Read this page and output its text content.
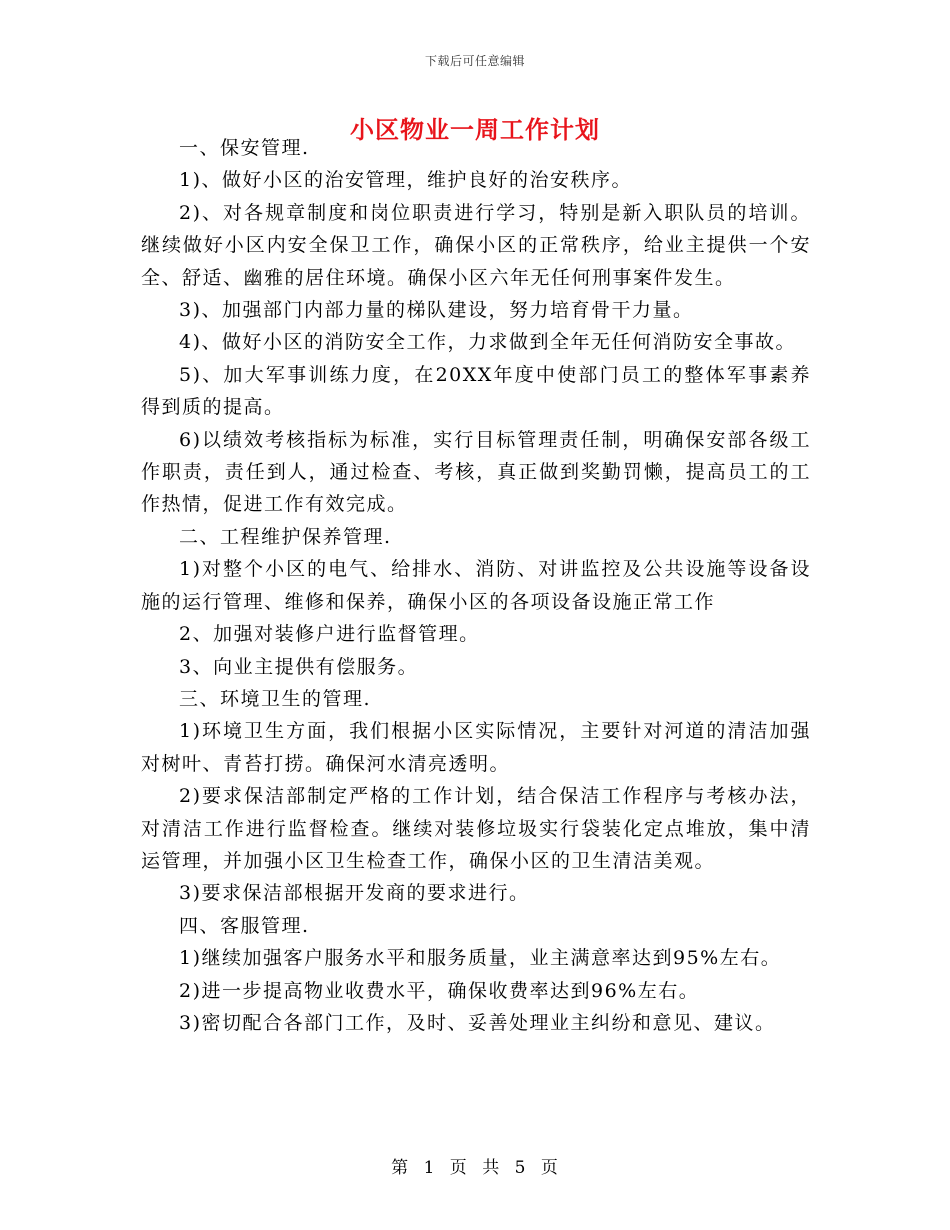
下载后可任意编辑
小区物业一周工作计划

一、保安管理.

1)、做好小区的治安管理，维护良好的治安秩序。

2)、对各规章制度和岗位职责进行学习，特别是新入职队员的培训。继续做好小区内安全保卫工作，确保小区的正常秩序，给业主提供一个安全、舒适、幽雅的居住环境。确保小区六年无任何刑事案件发生。

3)、加强部门内部力量的梯队建设，努力培育骨干力量。

4)、做好小区的消防安全工作，力求做到全年无任何消防安全事故。

5)、加大军事训练力度，在20XX年度中使部门员工的整体军事素养得到质的提高。

6)以绩效考核指标为标准，实行目标管理责任制，明确保安部各级工作职责，责任到人，通过检查、考核，真正做到奖勤罚懒，提高员工的工作热情，促进工作有效完成。

二、工程维护保养管理.

1)对整个小区的电气、给排水、消防、对讲监控及公共设施等设备设施的运行管理、维修和保养，确保小区的各项设备设施正常工作

2、加强对装修户进行监督管理。

3、向业主提供有偿服务。

三、环境卫生的管理.

1)环境卫生方面，我们根据小区实际情况，主要针对河道的清洁加强对树叶、青苔打捞。确保河水清亮透明。

2)要求保洁部制定严格的工作计划，结合保洁工作程序与考核办法，对清洁工作进行监督检查。继续对装修垃圾实行袋装化定点堆放，集中清运管理，并加强小区卫生检查工作，确保小区的卫生清洁美观。

3)要求保洁部根据开发商的要求进行。

四、客服管理.

1)继续加强客户服务水平和服务质量，业主满意率达到95%左右。

2)进一步提高物业收费水平，确保收费率达到96%左右。

3)密切配合各部门工作，及时、妥善处理业主纠纷和意见、建议。

第 1 页 共 5 页
